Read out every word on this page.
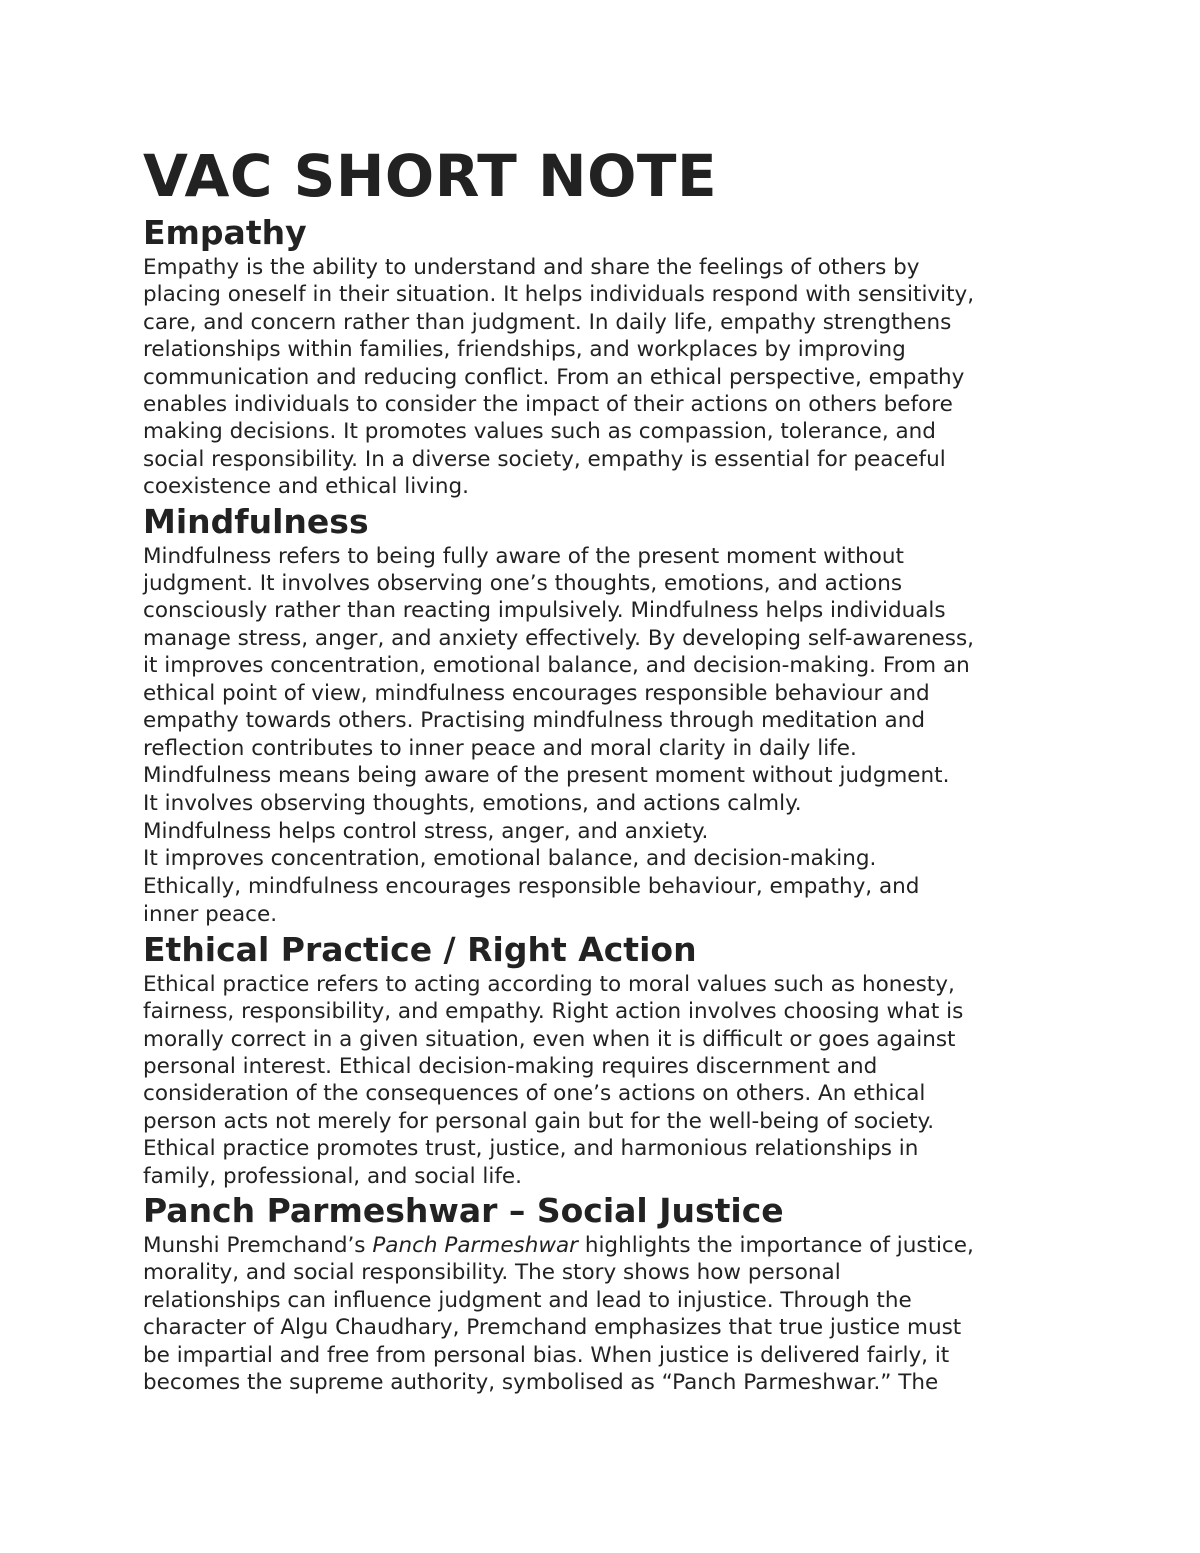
VAC SHORT NOTE
Empathy
Empathy is the ability to understand and share the feelings of others by
placing oneself in their situation. It helps individuals respond with sensitivity,
care, and concern rather than judgment. In daily life, empathy strengthens
relationships within families, friendships, and workplaces by improving
communication and reducing conflict. From an ethical perspective, empathy
enables individuals to consider the impact of their actions on others before
making decisions. It promotes values such as compassion, tolerance, and
social responsibility. In a diverse society, empathy is essential for peaceful
coexistence and ethical living.
Mindfulness
Mindfulness refers to being fully aware of the present moment without
judgment. It involves observing one’s thoughts, emotions, and actions
consciously rather than reacting impulsively. Mindfulness helps individuals
manage stress, anger, and anxiety effectively. By developing self-awareness,
it improves concentration, emotional balance, and decision-making. From an
ethical point of view, mindfulness encourages responsible behaviour and
empathy towards others. Practising mindfulness through meditation and
reflection contributes to inner peace and moral clarity in daily life.
Mindfulness means being aware of the present moment without judgment.
It involves observing thoughts, emotions, and actions calmly.
Mindfulness helps control stress, anger, and anxiety.
It improves concentration, emotional balance, and decision-making.
Ethically, mindfulness encourages responsible behaviour, empathy, and
inner peace.
Ethical Practice / Right Action
Ethical practice refers to acting according to moral values such as honesty,
fairness, responsibility, and empathy. Right action involves choosing what is
morally correct in a given situation, even when it is difficult or goes against
personal interest. Ethical decision-making requires discernment and
consideration of the consequences of one’s actions on others. An ethical
person acts not merely for personal gain but for the well-being of society.
Ethical practice promotes trust, justice, and harmonious relationships in
family, professional, and social life.
Panch Parmeshwar – Social Justice
Munshi Premchand’s Panch Parmeshwar highlights the importance of justice,
morality, and social responsibility. The story shows how personal
relationships can influence judgment and lead to injustice. Through the
character of Algu Chaudhary, Premchand emphasizes that true justice must
be impartial and free from personal bias. When justice is delivered fairly, it
becomes the supreme authority, symbolised as “Panch Parmeshwar.” The
